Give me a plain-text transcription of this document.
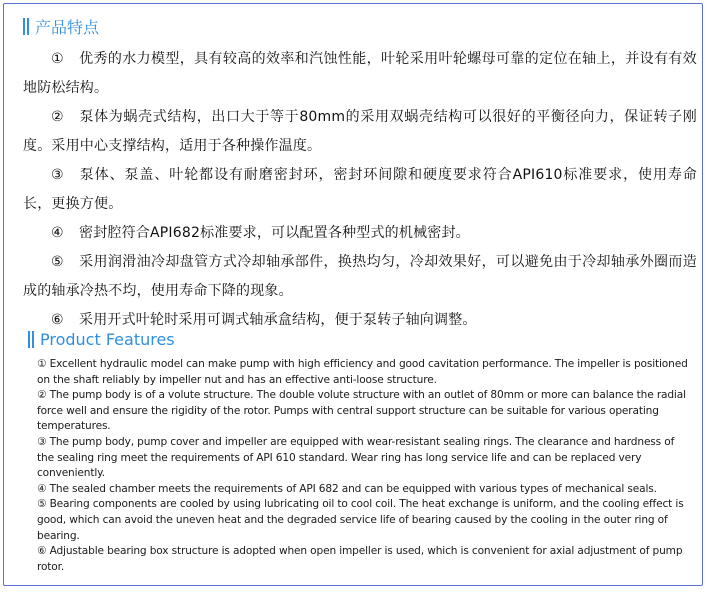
产品特点

① 优秀的水力模型，具有较高的效率和汽蚀性能，叶轮采用叶轮螺母可靠的定位在轴上，并设有有效地防松结构。

② 泵体为蜗壳式结构，出口大于等于80mm的采用双蜗壳结构可以很好的平衡径向力，保证转子刚度。采用中心支撑结构，适用于各种操作温度。

③ 泵体、泵盖、叶轮都设有耐磨密封环，密封环间隙和硬度要求符合API610标准要求，使用寿命长，更换方便。

④ 密封腔符合API682标准要求，可以配置各种型式的机械密封。

⑤ 采用润滑油冷却盘管方式冷却轴承部件，换热均匀，冷却效果好，可以避免由于冷却轴承外圈而造成的轴承冷热不均，使用寿命下降的现象。

⑥ 采用开式叶轮时采用可调式轴承盒结构，便于泵转子轴向调整。

Product Features

① Excellent hydraulic model can make pump with high efficiency and good cavitation performance. The impeller is positioned on the shaft reliably by impeller nut and has an effective anti-loose structure.

② The pump body is of a volute structure. The double volute structure with an outlet of 80mm or more can balance the radial force well and ensure the rigidity of the rotor. Pumps with central support structure can be suitable for various operating temperatures.

③ The pump body, pump cover and impeller are equipped with wear-resistant sealing rings. The clearance and hardness of the sealing ring meet the requirements of API 610 standard. Wear ring has long service life and can be replaced very conveniently.

④ The sealed chamber meets the requirements of API 682 and can be equipped with various types of mechanical seals.

⑤ Bearing components are cooled by using lubricating oil to cool coil. The heat exchange is uniform, and the cooling effect is good, which can avoid the uneven heat and the degraded service life of bearing caused by the cooling in the outer ring of bearing.

⑥ Adjustable bearing box structure is adopted when open impeller is used, which is convenient for axial adjustment of pump rotor.
